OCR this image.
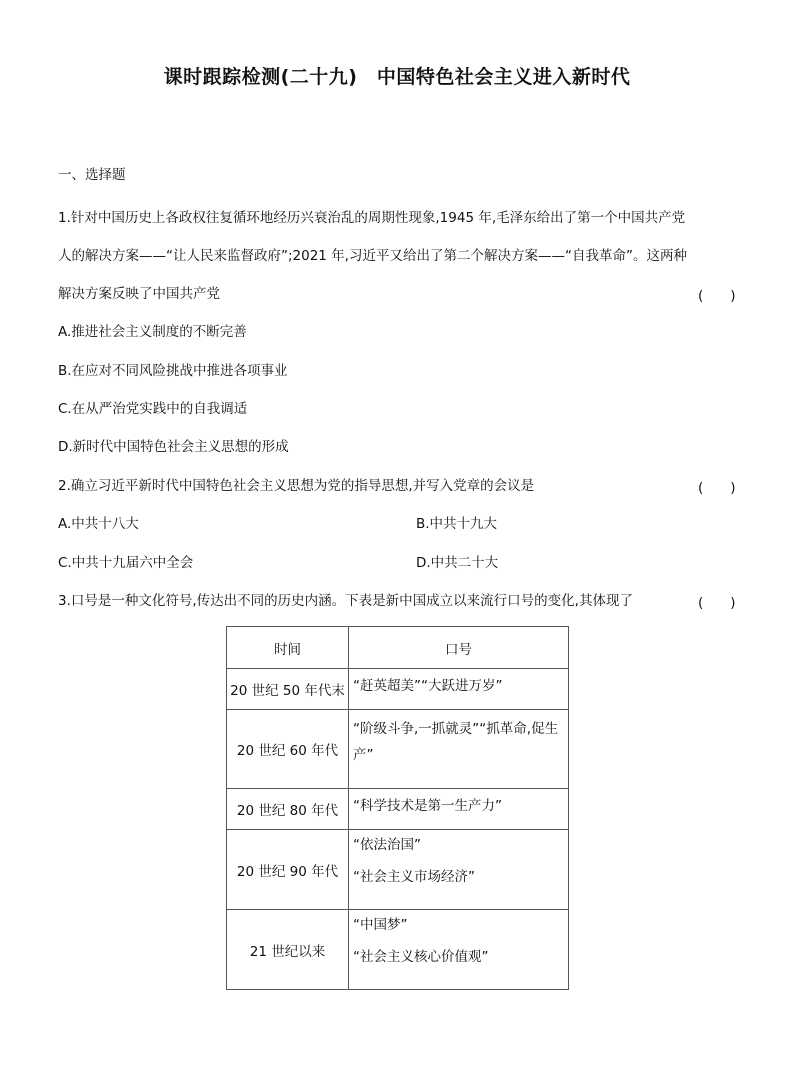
课时跟踪检测(二十九)　中国特色社会主义进入新时代
一、选择题
1.针对中国历史上各政权往复循环地经历兴衰治乱的周期性现象,1945 年,毛泽东给出了第一个中国共产党
人的解决方案——“让人民来监督政府”;2021 年,习近平又给出了第二个解决方案——“自我革命”。这两种
解决方案反映了中国共产党	(　　)
A.推进社会主义制度的不断完善
B.在应对不同风险挑战中推进各项事业
C.在从严治党实践中的自我调适
D.新时代中国特色社会主义思想的形成
2.确立习近平新时代中国特色社会主义思想为党的指导思想,并写入党章的会议是	(　　)
A.中共十八大	B.中共十九大
C.中共十九届六中全会	D.中共二十大
3.口号是一种文化符号,传达出不同的历史内涵。下表是新中国成立以来流行口号的变化,其体现了	(　　)
时间	口号
20 世纪 50 年代末	“赶英超美”“大跃进万岁”

20 世纪 60 年代	“阶级斗争,一抓就灵”“抓革命,促生
产”

20 世纪 80 年代	“科学技术是第一生产力”

20 世纪 90 年代	“依法治国”
“社会主义市场经济”

21 世纪以来	“中国梦”
“社会主义核心价值观”
